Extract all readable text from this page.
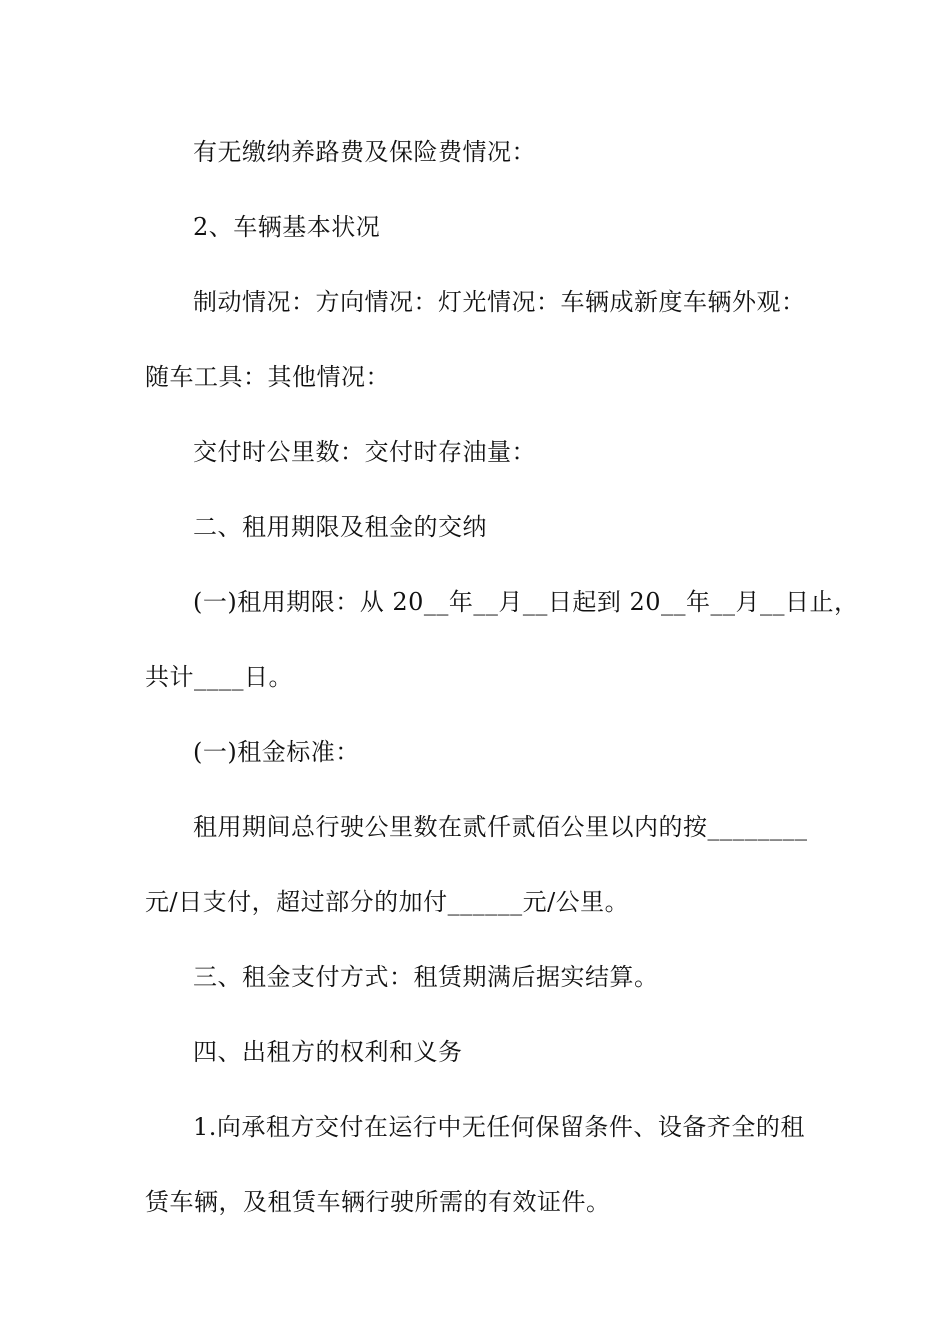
有无缴纳养路费及保险费情况：
2、车辆基本状况
制动情况：方向情况：灯光情况：车辆成新度车辆外观：
随车工具：其他情况：
交付时公里数：交付时存油量：
二、租用期限及租金的交纳
(一)租用期限：从 20__年__月__日起到 20__年__月__日止，
共计____日。
(一)租金标准：
租用期间总行驶公里数在贰仟贰佰公里以内的按________
元/日支付，超过部分的加付______元/公里。
三、租金支付方式：租赁期满后据实结算。
四、出租方的权利和义务
1.向承租方交付在运行中无任何保留条件、设备齐全的租
赁车辆，及租赁车辆行驶所需的有效证件。
